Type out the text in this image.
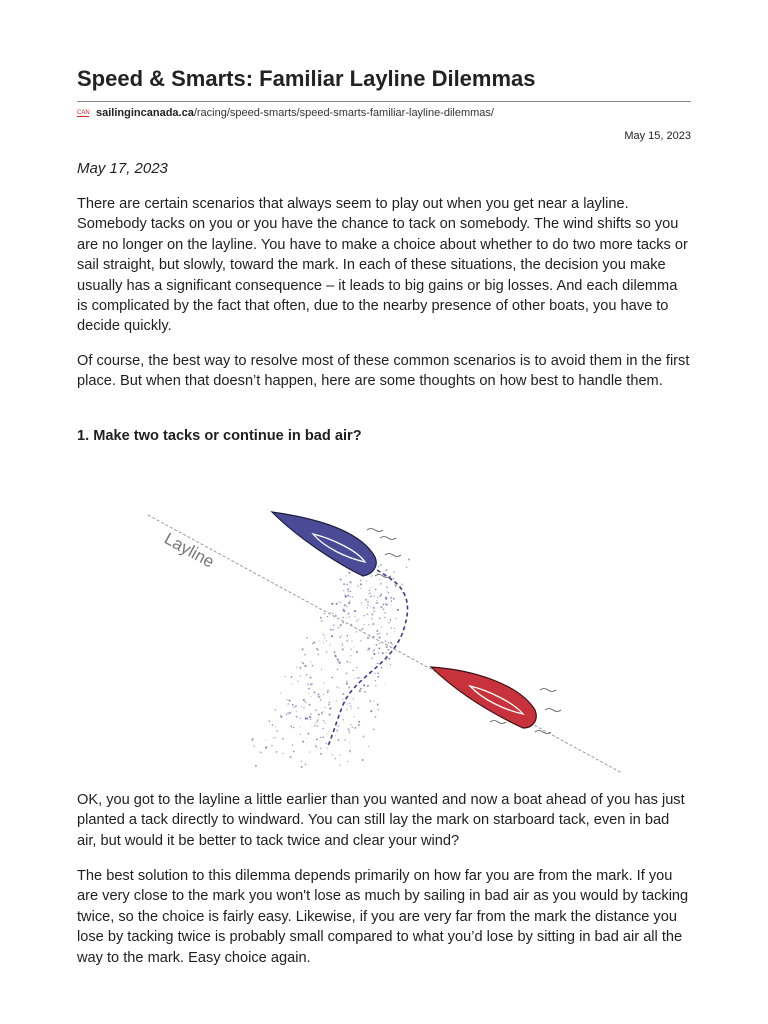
Speed & Smarts: Familiar Layline Dilemmas
CAN sailingincanada.ca /racing/speed-smarts/speed-smarts-familiar-layline-dilemmas/
May 15, 2023
May 17, 2023

There are certain scenarios that always seem to play out when you get near a layline. Somebody tacks on you or you have the chance to tack on somebody. The wind shifts so you are no longer on the layline. You have to make a choice about whether to do two more tacks or sail straight, but slowly, toward the mark. In each of these situations, the decision you make usually has a significant consequence – it leads to big gains or big losses. And each dilemma is complicated by the fact that often, due to the nearby presence of other boats, you have to decide quickly.

Of course, the best way to resolve most of these common scenarios is to avoid them in the first place. But when that doesn’t happen, here are some thoughts on how best to handle them.

1. Make two tacks or continue in bad air?

OK, you got to the layline a little earlier than you wanted and now a boat ahead of you has just planted a tack directly to windward. You can still lay the mark on starboard tack, even in bad air, but would it be better to tack twice and clear your wind?

The best solution to this dilemma depends primarily on how far you are from the mark. If you are very close to the mark you won't lose as much by sailing in bad air as you would by tacking twice, so the choice is fairly easy. Likewise, if you are very far from the mark the distance you lose by tacking twice is probably small compared to what you’d lose by sitting in bad air all the way to the mark. Easy choice again.

Layline
